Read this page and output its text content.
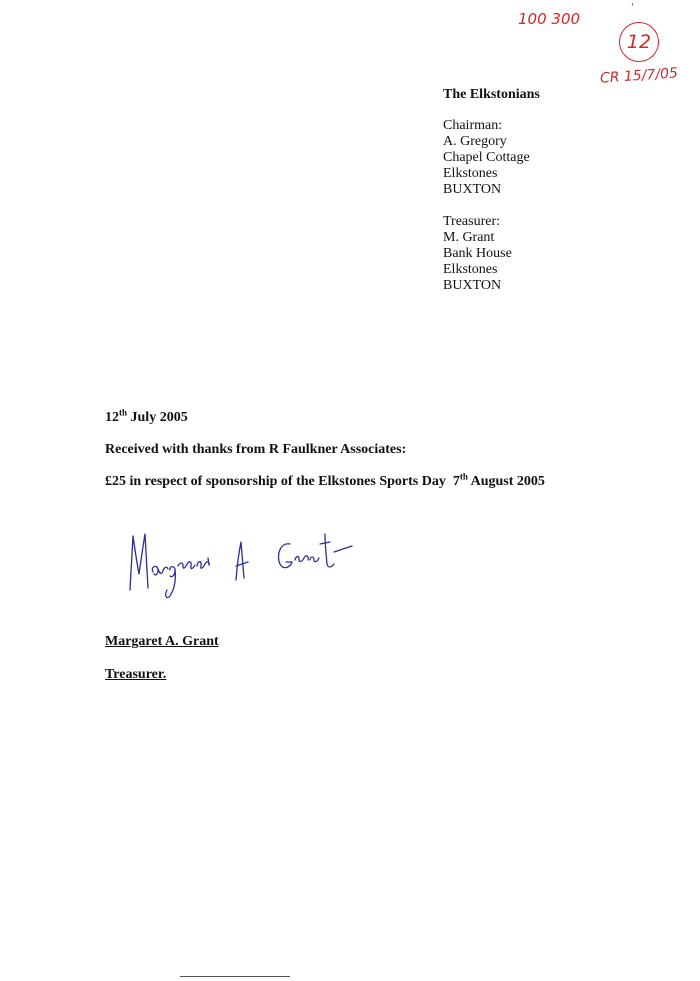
100 300
'
12
CR 15/7/05
The Elkstonians
Chairman:
A. Gregory
Chapel Cottage
Elkstones
BUXTON
Treasurer:
M. Grant
Bank House
Elkstones
BUXTON
12th July 2005
Received with thanks from R Faulkner Associates:
£25 in respect of sponsorship of the Elkstones Sports Day 7th August 2005
Margaret A. Grant
Treasurer.
